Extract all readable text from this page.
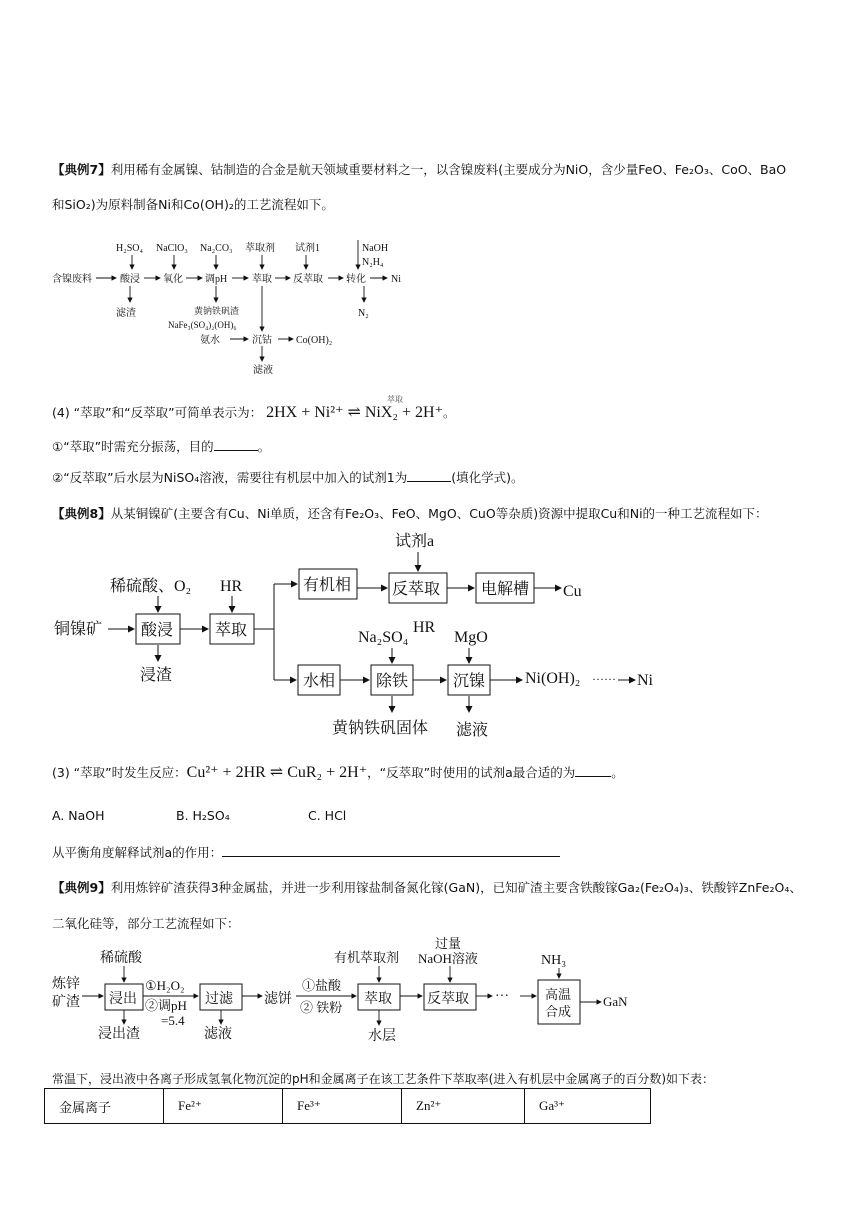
【典例7】利用稀有金属镍、钴制造的合金是航天领域重要材料之一，以含镍废料(主要成分为NiO，含少量FeO、Fe₂O₃、CoO、BaO
和SiO₂)为原料制备Ni和Co(OH)₂的工艺流程如下。
H₂SO₄ NaClO₃ Na₂CO₃ 萃取剂 试剂1	NaOH
N₂H₄
含镍废料	酸浸 氧化 调pH 萃取 反萃取 转化	Ni
滤渣	黄钠铁矾渣
NaFe₃(SO₄)₂(OH)₆
N₂
氨水	沉钴 Co(OH)₂
滤液
(4) “萃取”和“反萃取”可简单表示为： 2HX + Ni²⁺ ⇌ NiX₂ + 2H⁺。
萃取
①“萃取”时需充分振荡，目的	。
②“反萃取”后水层为NiSO₄溶液，需要往有机层中加入的试剂1为	(填化学式)。
【典例8】从某铜镍矿(主要含有Cu、Ni单质，还含有Fe₂O₃、FeO、MgO、CuO等杂质)资源中提取Cu和Ni的一种工艺流程如下：
试剂a
稀硫酸、O₂ HR
铜镍矿
浸渣
Na₂SO₄
HR
MgO
Ni(OH)₂ ······ Ni
Cu
黄钠铁矾固体 滤液
酸浸	萃取
有机相	反萃取	电解槽
水相	除铁	沉镍
(3) “萃取”时发生反应：Cu²⁺ + 2HR ⇌ CuR₂ + 2H⁺，“反萃取”时使用的试剂a最合适的为	。
A. NaOH	B. H₂SO₄	C. HCl
从平衡角度解释试剂a的作用：
【典例9】利用炼锌矿渣获得3种金属盐，并进一步利用镓盐制备氮化镓(GaN)，已知矿渣主要含铁酸镓Ga₂(Fe₂O₄)₃、铁酸锌ZnFe₂O₄、
二氧化硅等，部分工艺流程如下：
炼锌
矿渣
稀硫酸
浸出
浸出渣
①H₂O₂
②调pH
=5.4
过滤
滤液
滤饼
①盐酸
② 铁粉
有机萃取剂
萃取
水层
过量
NaOH溶液
反萃取 ···
NH₃
高温
合成
GaN
常温下，浸出液中各离子形成氢氧化物沉淀的pH和金属离子在该工艺条件下萃取率(进入有机层中金属离子的百分数)如下表：
金属离子	Fe²⁺	Fe³⁺	Zn²⁺	Ga³⁺
